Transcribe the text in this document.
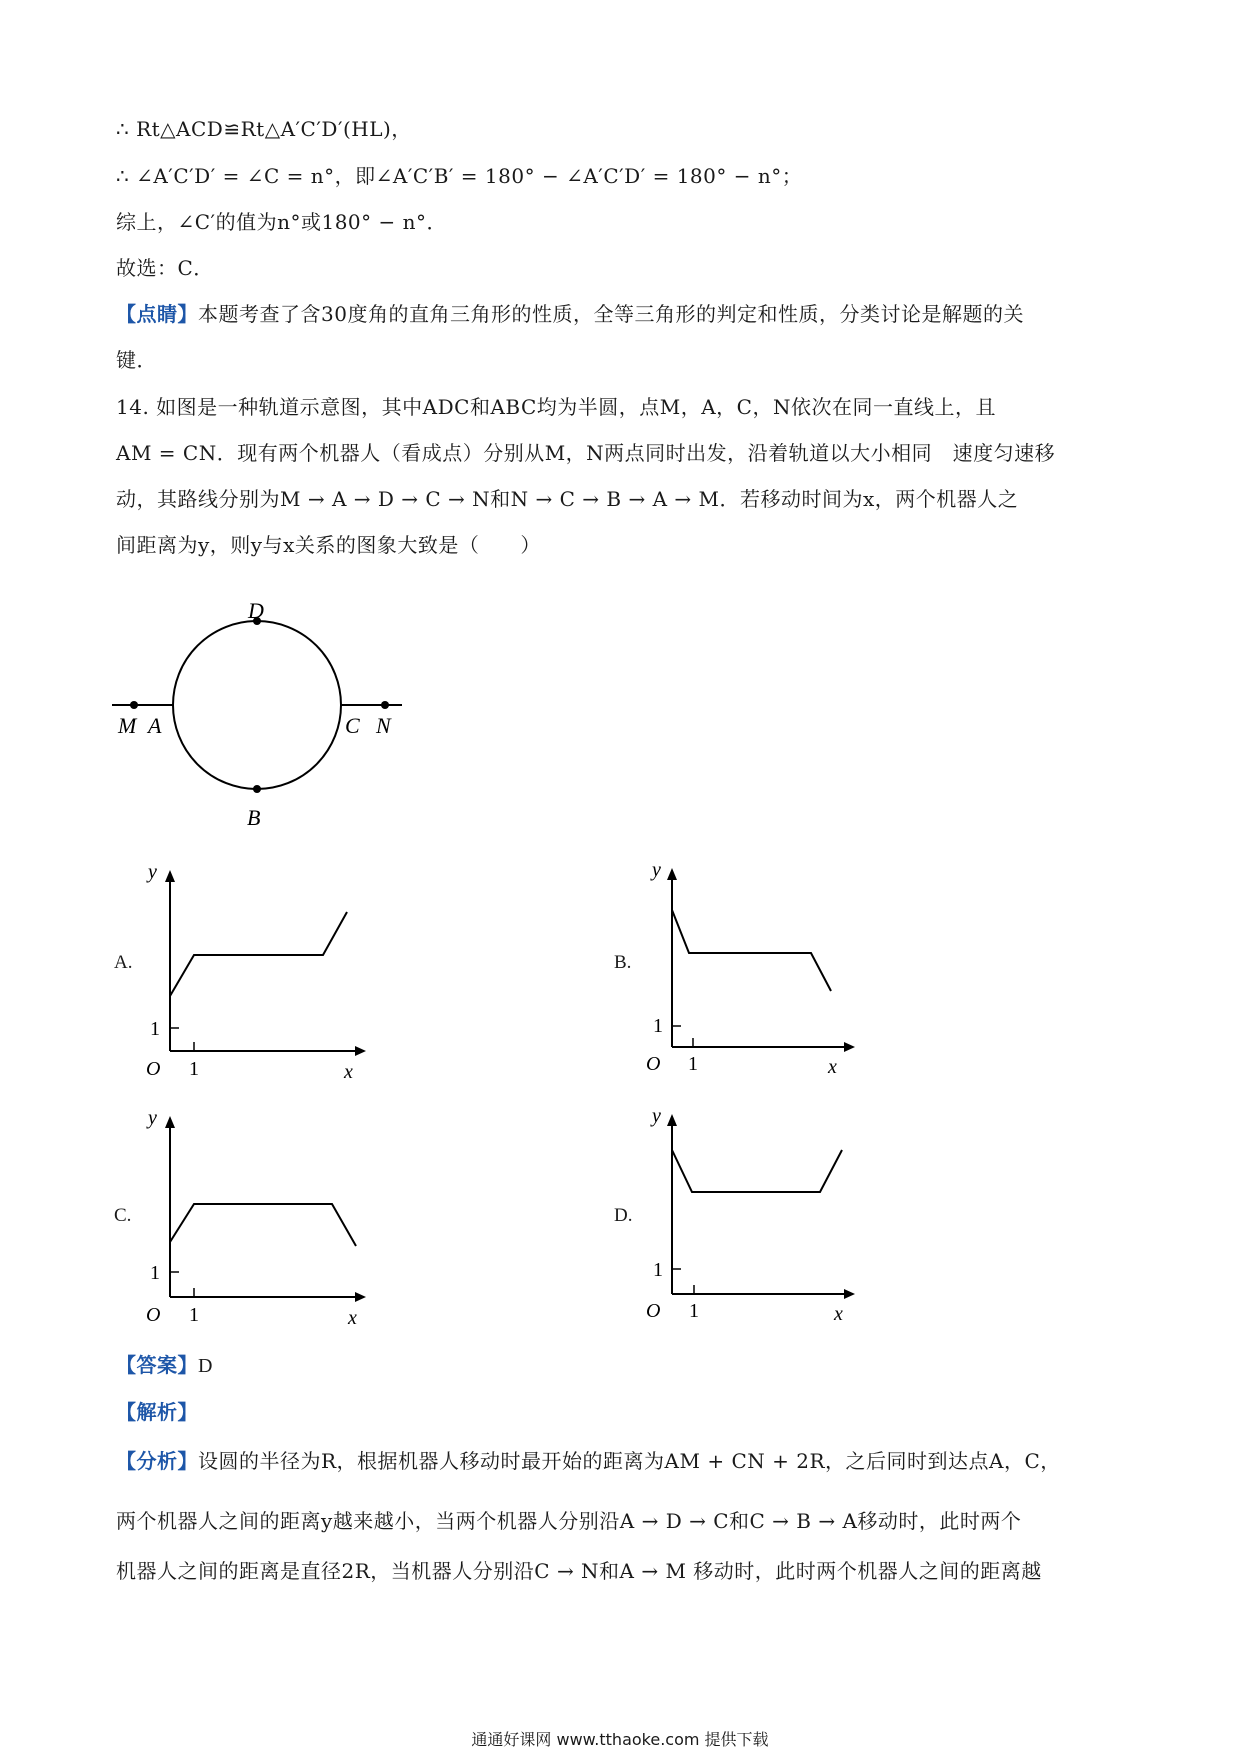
∴ Rt△ACD≌Rt△A′C′D′(HL)，
∴ ∠A′C′D′ = ∠C = n°，即∠A′C′B′ = 180° − ∠A′C′D′ = 180° − n°；
综上，∠C′的值为n°或180° − n°．
故选：C．
【点睛】本题考查了含30度角的直角三角形的性质，全等三角形的判定和性质，分类讨论是解题的关
键．
14. 如图是一种轨道示意图，其中ADC和ABC均为半圆，点M，A，C，N依次在同一直线上，且
AM = CN．现有两个机器人（看成点）分别从M，N两点同时出发，沿着轨道以大小相同　速度匀速移
动，其路线分别为M → A → D → C → N和N → C → B → A → M．若移动时间为x，两个机器人之
间距离为y，则y与x关系的图象大致是（　　）
D
M A	C N
B
A.
y
x
O 1
1
B.
y
x
O 1
1
C.
y
x
O 1
1
D.
y
x
O 1
1
【答案】D
【解析】
【分析】设圆的半径为R，根据机器人移动时最开始的距离为AM + CN + 2R，之后同时到达点A，C，
两个机器人之间的距离y越来越小，当两个机器人分别沿A → D → C和C → B → A移动时，此时两个
机器人之间的距离是直径2R，当机器人分别沿C → N和A → M 移动时，此时两个机器人之间的距离越
通通好课网 www.tthaoke.com 提供下载
